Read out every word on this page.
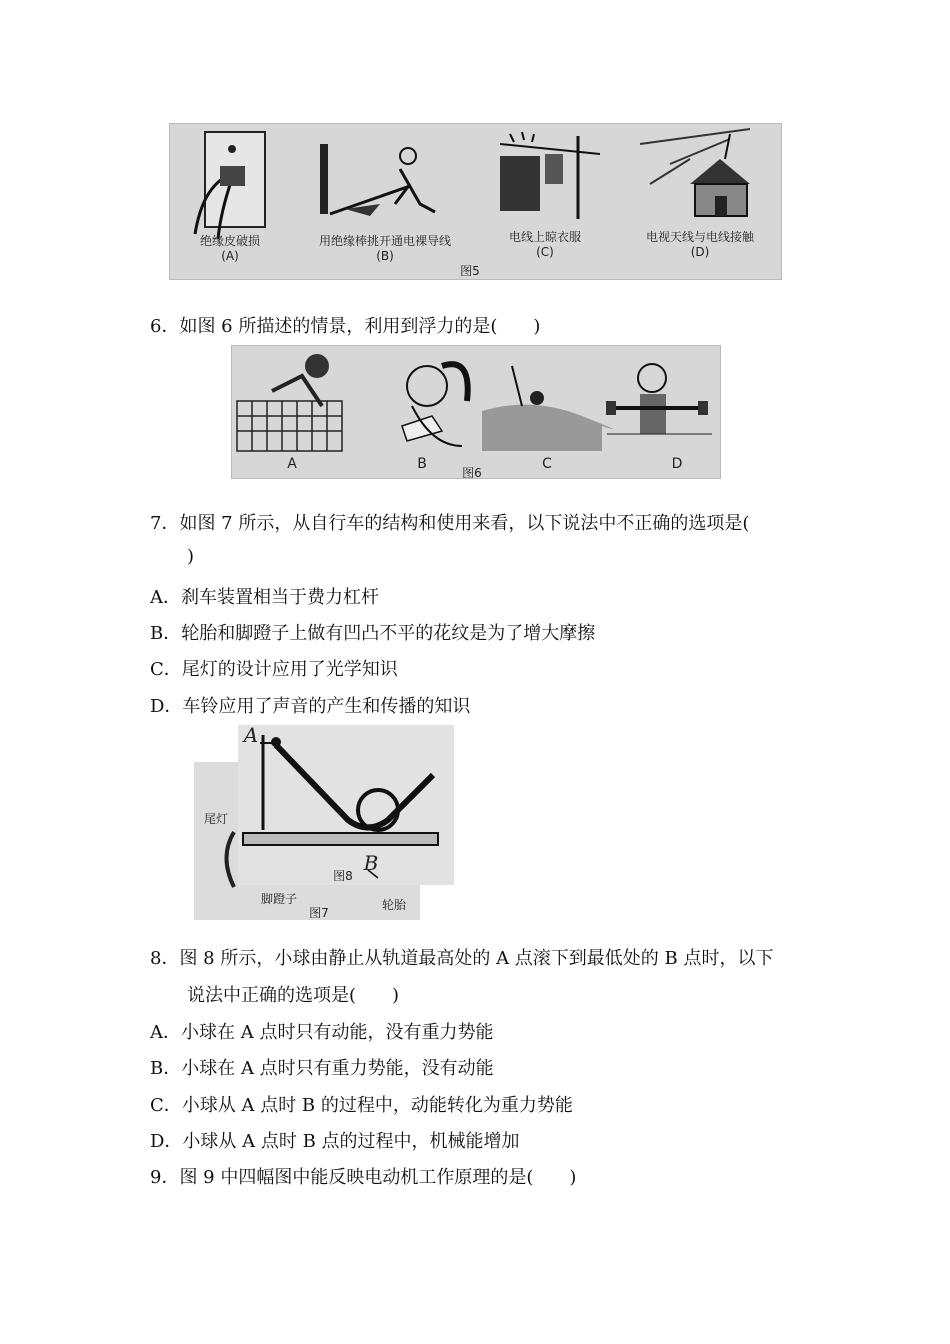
绝缘皮破损
(A)
用绝缘棒挑开通电裸导线
(B)
电线上晾衣服
(C)
电视天线与电线接触
(D)
图5
6．如图 6 所描述的情景，利用到浮力的是(　　)
A	B
图6
C	D
7．如图 7 所示，从自行车的结构和使用来看，以下说法中不正确的选项是(
)
A．刹车装置相当于费力杠杆
B．轮胎和脚蹬子上做有凹凸不平的花纹是为了增大摩擦
C．尾灯的设计应用了光学知识
D．车铃应用了声音的产生和传播的知识
尾灯
脚蹬子	轮胎
图7
A
B
图8
8．图 8 所示，小球由静止从轨道最高处的 A 点滚下到最低处的 B 点时，以下
说法中正确的选项是(　　)
A．小球在 A 点时只有动能，没有重力势能
B．小球在 A 点时只有重力势能，没有动能
C．小球从 A 点时 B 的过程中，动能转化为重力势能
D．小球从 A 点时 B 点的过程中，机械能增加
9．图 9 中四幅图中能反映电动机工作原理的是(　　)
